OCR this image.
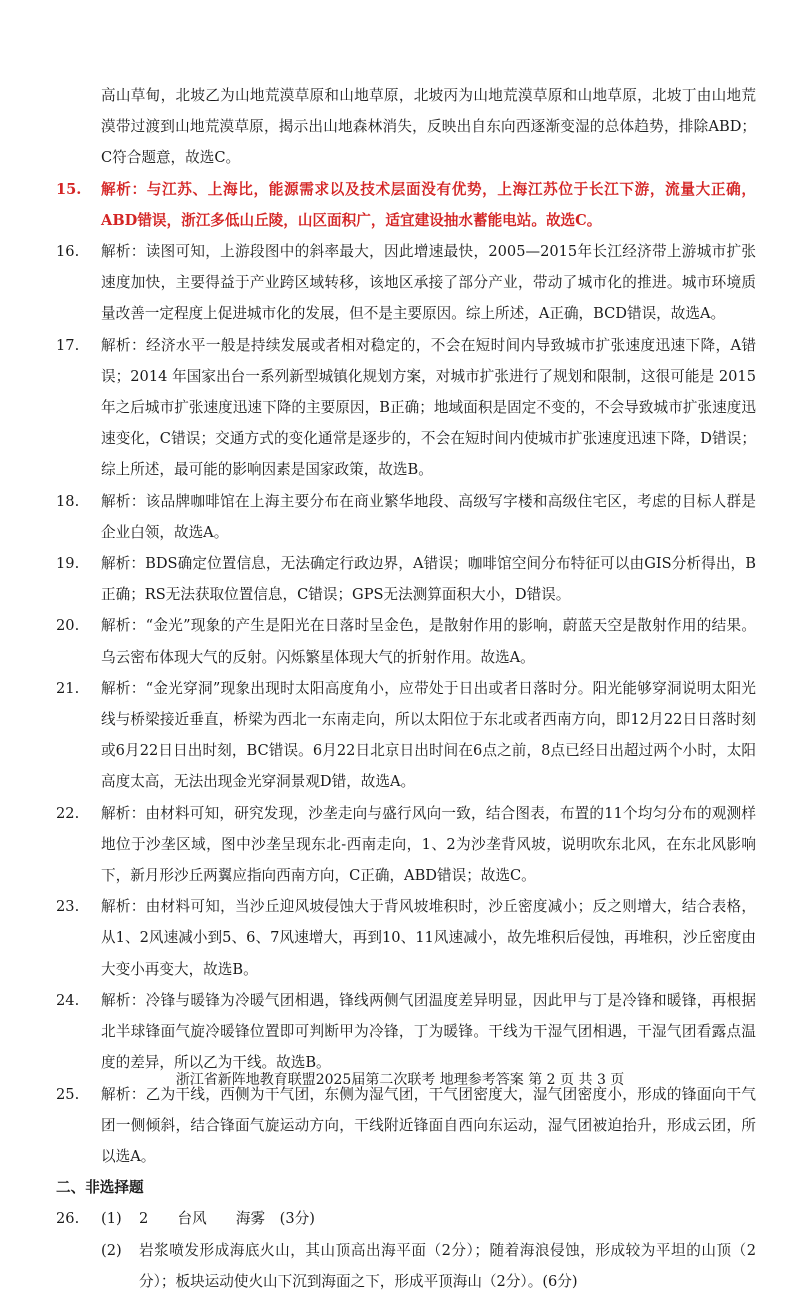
高山草甸，北坡乙为山地荒漠草原和山地草原，北坡丙为山地荒漠草原和山地草原，北坡丁由山地荒漠带过渡到山地荒漠草原，揭示出山地森林消失，反映出自东向西逐渐变湿的总体趋势，排除ABD；C符合题意，故选C。

15.	解析：与江苏、上海比，能源需求以及技术层面没有优势，上海江苏位于长江下游，流量大正确，ABD错误，浙江多低山丘陵，山区面积广，适宜建设抽水蓄能电站。故选C。
16.	解析：读图可知，上游段图中的斜率最大，因此增速最快，2005—2015年长江经济带上游城市扩张速度加快，主要得益于产业跨区域转移，该地区承接了部分产业，带动了城市化的推进。城市环境质量改善一定程度上促进城市化的发展，但不是主要原因。综上所述，A正确，BCD错误，故选A。
17.	解析：经济水平一般是持续发展或者相对稳定的，不会在短时间内导致城市扩张速度迅速下降，A错误；2014 年国家出台一系列新型城镇化规划方案，对城市扩张进行了规划和限制，这很可能是 2015 年之后城市扩张速度迅速下降的主要原因，B正确；地域面积是固定不变的，不会导致城市扩张速度迅速变化，C错误；交通方式的变化通常是逐步的，不会在短时间内使城市扩张速度迅速下降，D错误；综上所述，最可能的影响因素是国家政策，故选B。
18.	解析：该品牌咖啡馆在上海主要分布在商业繁华地段、高级写字楼和高级住宅区，考虑的目标人群是企业白领，故选A。
19.	解析：BDS确定位置信息，无法确定行政边界，A错误；咖啡馆空间分布特征可以由GIS分析得出，B正确；RS无法获取位置信息，C错误；GPS无法测算面积大小，D错误。
20.	解析：“金光”现象的产生是阳光在日落时呈金色，是散射作用的影响，蔚蓝天空是散射作用的结果。乌云密布体现大气的反射。闪烁繁星体现大气的折射作用。故选A。
21.	解析：“金光穿洞”现象出现时太阳高度角小，应带处于日出或者日落时分。阳光能够穿洞说明太阳光线与桥梁接近垂直，桥梁为西北一东南走向，所以太阳位于东北或者西南方向，即12月22日日落时刻或6月22日日出时刻，BC错误。6月22日北京日出时间在6点之前，8点已经日出超过两个小时，太阳高度太高，无法出现金光穿洞景观D错，故选A。
22.	解析：由材料可知，研究发现，沙垄走向与盛行风向一致，结合图表，布置的11个均匀分布的观测样地位于沙垄区域，图中沙垄呈现东北-西南走向，1、2为沙垄背风坡，说明吹东北风，在东北风影响下，新月形沙丘两翼应指向西南方向，C正确，ABD错误；故选C。
23.	解析：由材料可知，当沙丘迎风坡侵蚀大于背风坡堆积时，沙丘密度减小；反之则增大，结合表格，从1、2风速减小到5、6、7风速增大，再到10、11风速减小，故先堆积后侵蚀，再堆积，沙丘密度由大变小再变大，故选B。
24.	解析：冷锋与暖锋为冷暖气团相遇，锋线两侧气团温度差异明显，因此甲与丁是冷锋和暖锋，再根据北半球锋面气旋冷暖锋位置即可判断甲为冷锋，丁为暖锋。干线为干湿气团相遇，干湿气团看露点温度的差异，所以乙为干线。故选B。
25.	解析：乙为干线，西侧为干气团，东侧为湿气团，干气团密度大，湿气团密度小，形成的锋面向干气团一侧倾斜，结合锋面气旋运动方向，干线附近锋面自西向东运动，湿气团被迫抬升，形成云团，所以选A。

二、非选择题

26.	(1)	2　　台风　　海雾　(3分)
(2)	岩浆喷发形成海底火山，其山顶高出海平面（2分）；随着海浪侵蚀，形成较为平坦的山顶（2分）；板块运动使火山下沉到海面之下，形成平顶海山（2分）。(6分)
浙江省新阵地教育联盟2025届第二次联考 地理参考答案 第 2 页 共 3 页
